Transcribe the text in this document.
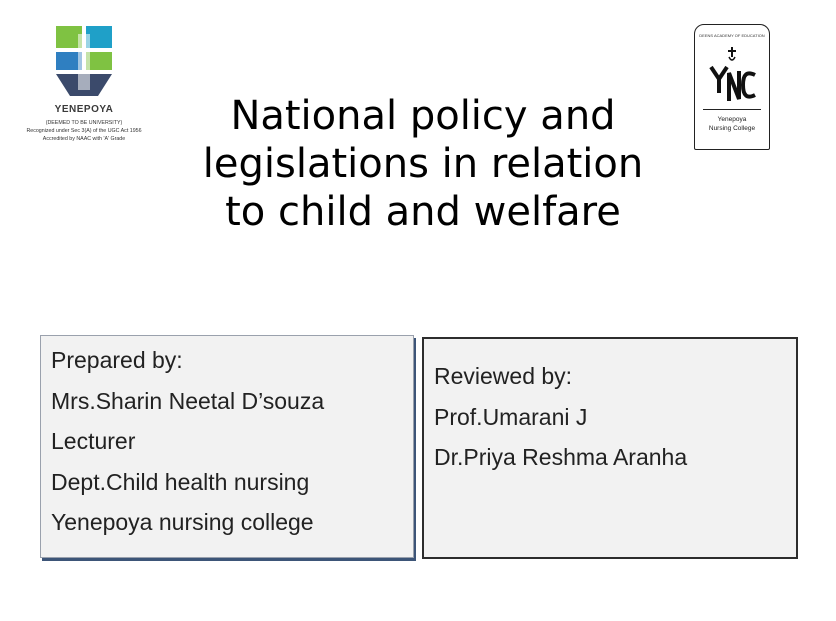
YENEPOYA
(DEEMED TO BE UNIVERSITY)
Recognized under Sec 3(A) of the UGC Act 1956
Accredited by NAAC with 'A' Grade
DEENS ACADEMY OF EDUCATION
Yenepoya
Nursing College
National policy and
legislations in relation
to child and welfare
Prepared by:
Mrs.Sharin Neetal D’souza
Lecturer
Dept.Child health nursing
Yenepoya nursing college
Reviewed by:
Prof.Umarani J
Dr.Priya Reshma Aranha
